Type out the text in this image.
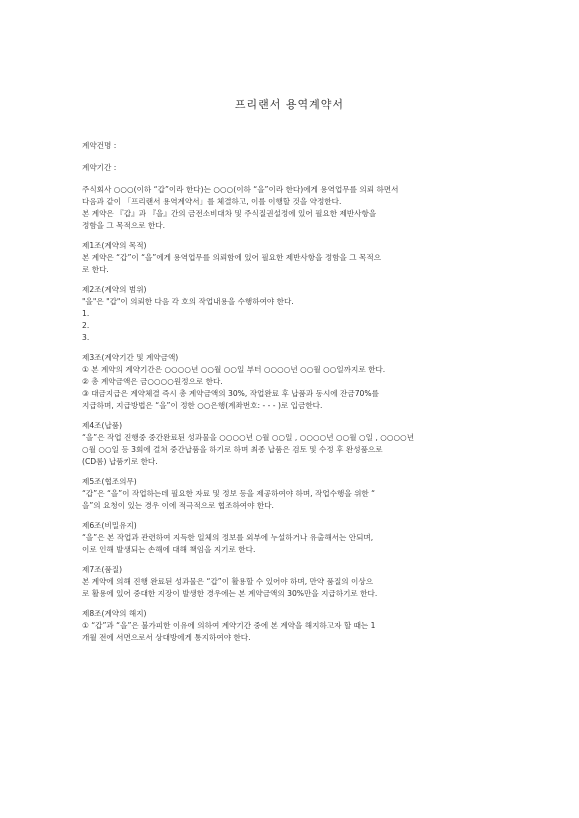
프리랜서 용역계약서
계약건명 :
계약기간 :
주식회사 ○○○(이하 “갑”이라 한다)는 ○○○(이하 “을”이라 한다)에게 용역업무를 의뢰 하면서
다음과 같이 「프리랜서 용역계약서」를 체결하고, 이를 이행할 것을 약정한다.
본 계약은 『갑』과 『을』간의 금전소비대차 및 주식질권설정에 있어 필요한 제반사항을
정함을 그 목적으로 한다.
제1조(계약의 목적)
본 계약은 “갑”이 “을”에게 용역업무를 의뢰함에 있어 필요한 제반사항을 정함을 그 목적으
로 한다.
제2조(계약의 범위)
"을"은 "갑"이 의뢰한 다음 각 호의 작업내용을 수행하여야 한다.
1.
2.
3.
제3조(계약기간 및 계약금액)
① 본 계약의 계약기간은 ○○○○년 ○○월 ○○일 부터 ○○○○년 ○○월 ○○일까지로 한다.
② 총 계약금액은 금○○○○원정으로 한다.
③ 대금지급은 계약체결 즉시 총 계약금액의 30%, 작업완료 후 납품과 동시에 잔금70%를
지급하며, 지급방법은 “을”이 정한 ○○은행(계좌번호: - - - )로 입금한다.
제4조(납품)
“을”은 작업 진행중 중간완료된 성과물을 ○○○○년 ○월 ○○일 , ○○○○년 ○○월 ○일 , ○○○○년
○월 ○○일 등 3회에 걸쳐 중간납품을 하기로 하며 최종 납품은 검토 및 수정 후 완성품으로
(CD롬) 납품키로 한다.
제5조(협조의무)
“갑”은 “을”이 작업하는데 필요한 자료 및 정보 등을 제공하여야 하며, 작업수행을 위한 “
을”의 요청이 있는 경우 이에 적극적으로 협조하여야 한다.
제6조(비밀유지)
“을”은 본 작업과 관련하여 지득한 일체의 정보를 외부에 누설하거나 유출해서는 안되며,
이로 인해 발생되는 손해에 대해 책임을 지기로 한다.
제7조(품질)
본 계약에 의해 진행 완료된 성과물은 “갑”이 활용할 수 있어야 하며, 만약 품질의 이상으
로 활용에 있어 중대한 지장이 발생한 경우에는 본 계약금액의 30%만을 지급하기로 한다.
제8조(계약의 해지)
① “갑”과 “을”은 불가피한 이유에 의하여 계약기간 중에 본 계약을 해지하고자 할 때는 1
개월 전에 서면으로서 상대방에게 통지하여야 한다.
